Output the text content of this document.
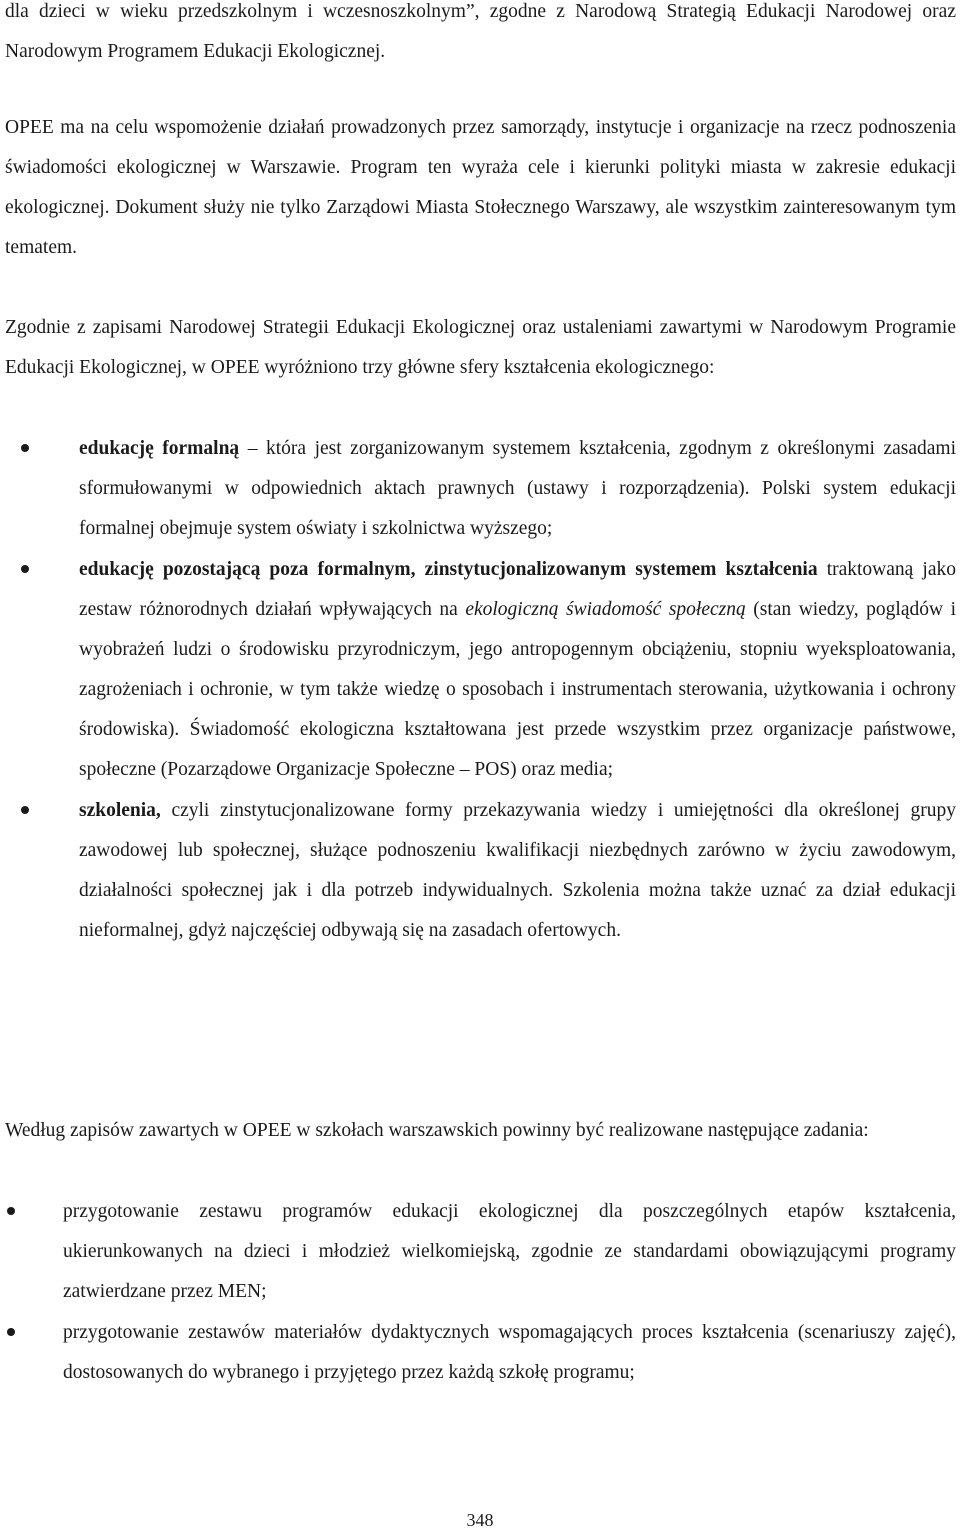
dla dzieci w wieku przedszkolnym i wczesnoszkolnym”, zgodne z Narodową Strategią Edukacji Narodowej oraz Narodowym Programem Edukacji Ekologicznej.

OPEE ma na celu wspomożenie działań prowadzonych przez samorządy, instytucje i organizacje na rzecz podnoszenia świadomości ekologicznej w Warszawie. Program ten wyraża cele i kierunki polityki miasta w zakresie edukacji ekologicznej. Dokument służy nie tylko Zarządowi Miasta Stołecznego Warszawy, ale wszystkim zainteresowanym tym tematem.

Zgodnie z zapisami Narodowej Strategii Edukacji Ekologicznej oraz ustaleniami zawartymi w Narodowym Programie Edukacji Ekologicznej, w OPEE wyróżniono trzy główne sfery kształcenia ekologicznego:

edukację formalną – która jest zorganizowanym systemem kształcenia, zgodnym z określonymi zasadami sformułowanymi w odpowiednich aktach prawnych (ustawy i rozporządzenia). Polski system edukacji formalnej obejmuje system oświaty i szkolnictwa wyższego;
edukację pozostającą poza formalnym, zinstytucjonalizowanym systemem kształcenia traktowaną jako zestaw różnorodnych działań wpływających na ekologiczną świadomość społeczną (stan wiedzy, poglądów i wyobrażeń ludzi o środowisku przyrodniczym, jego antropogennym obciążeniu, stopniu wyeksploatowania, zagrożeniach i ochronie, w tym także wiedzę o sposobach i instrumentach sterowania, użytkowania i ochrony środowiska). Świadomość ekologiczna kształtowana jest przede wszystkim przez organizacje państwowe, społeczne (Pozarządowe Organizacje Społeczne – POS) oraz media;
szkolenia, czyli zinstytucjonalizowane formy przekazywania wiedzy i umiejętności dla określonej grupy zawodowej lub społecznej, służące podnoszeniu kwalifikacji niezbędnych zarówno w życiu zawodowym, działalności społecznej jak i dla potrzeb indywidualnych. Szkolenia można także uznać za dział edukacji nieformalnej, gdyż najczęściej odbywają się na zasadach ofertowych.

Według zapisów zawartych w OPEE w szkołach warszawskich powinny być realizowane następujące zadania:

przygotowanie zestawu programów edukacji ekologicznej dla poszczególnych etapów kształcenia, ukierunkowanych na dzieci i młodzież wielkomiejską, zgodnie ze standardami obowiązującymi programy zatwierdzane przez MEN;
przygotowanie zestawów materiałów dydaktycznych wspomagających proces kształcenia (scenariuszy zajęć), dostosowanych do wybranego i przyjętego przez każdą szkołę programu;
348
